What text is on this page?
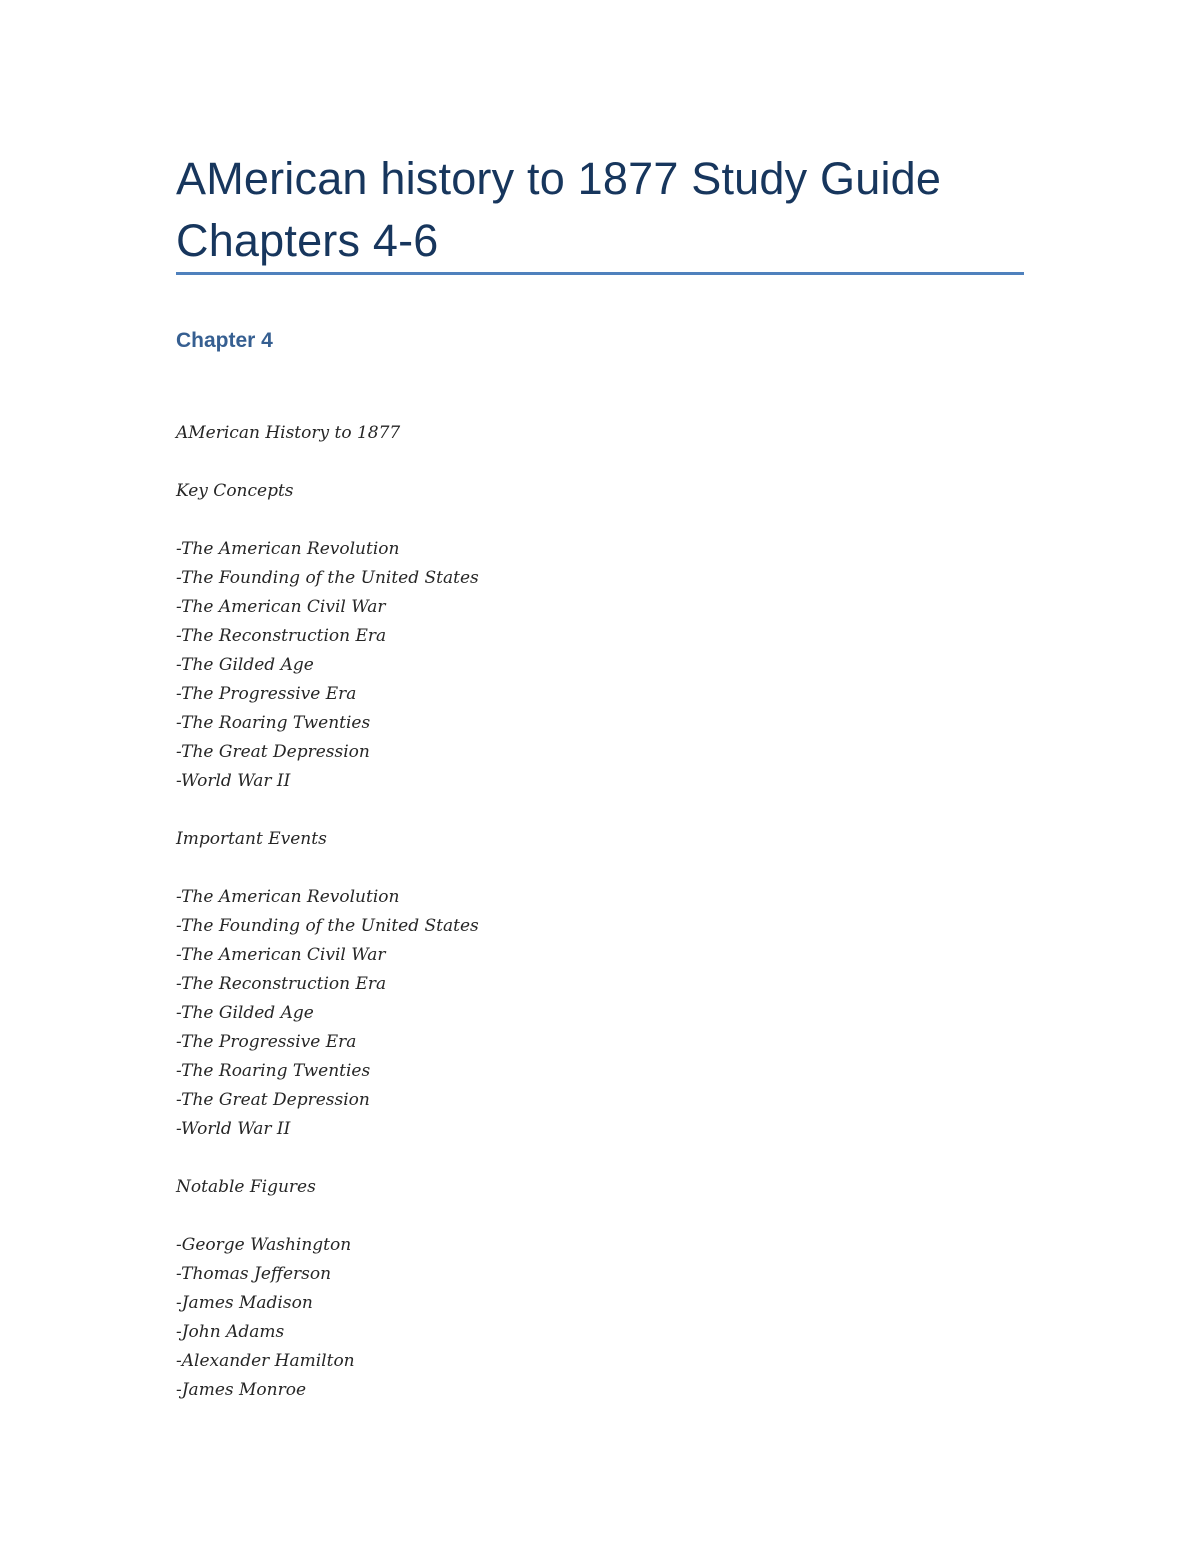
AMerican history to 1877 Study Guide
Chapters 4-6
Chapter 4
AMerican History to 1877
Key Concepts
-The American Revolution
-The Founding of the United States
-The American Civil War
-The Reconstruction Era
-The Gilded Age
-The Progressive Era
-The Roaring Twenties
-The Great Depression
-World War II
Important Events
-The American Revolution
-The Founding of the United States
-The American Civil War
-The Reconstruction Era
-The Gilded Age
-The Progressive Era
-The Roaring Twenties
-The Great Depression
-World War II
Notable Figures
-George Washington
-Thomas Jefferson
-James Madison
-John Adams
-Alexander Hamilton
-James Monroe
